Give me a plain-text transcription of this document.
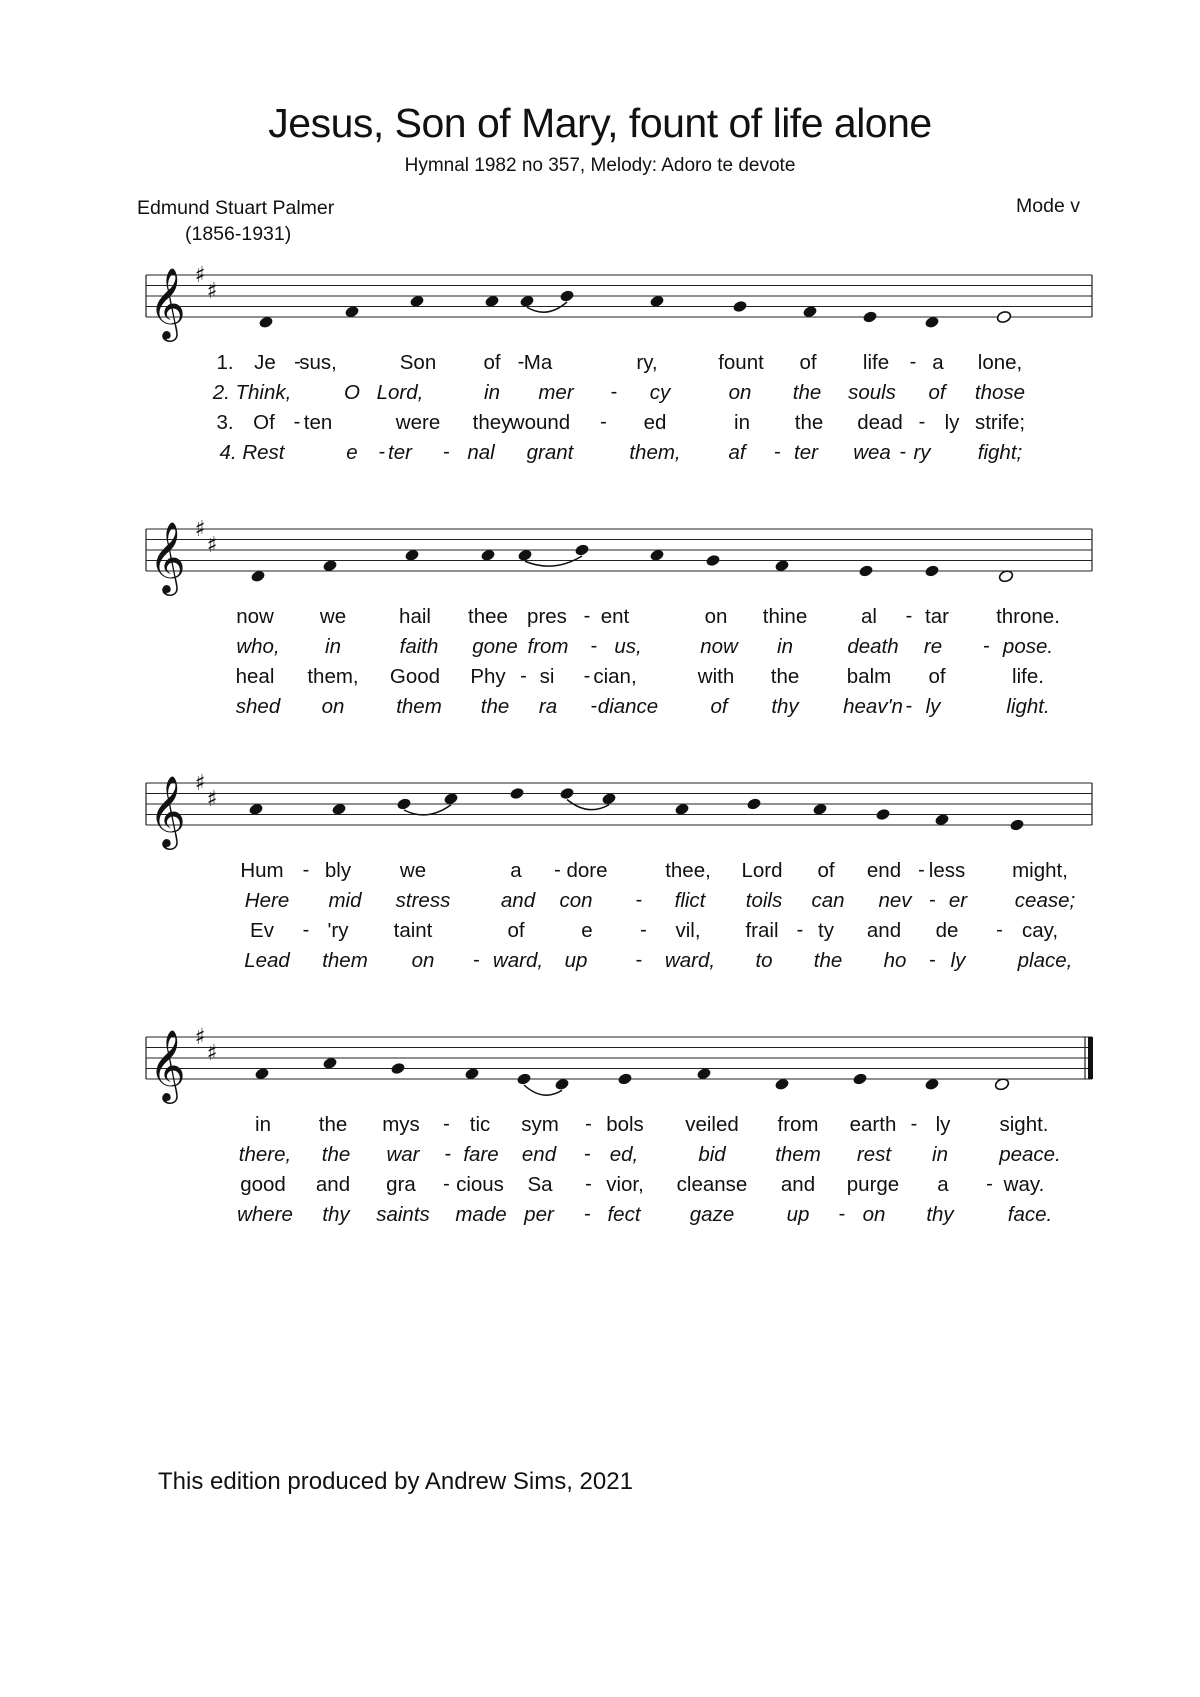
Jesus, Son of Mary, fount of life alone
Hymnal 1982 no 357, Melody: Adoro te devote
Edmund Stuart Palmer
(1856-1931)
Mode v
𝄞 ♯
♯
1. Je sus,	Son of Ma	ry,	fount of life a lone,
-	-	-
2. Think,	O Lord,	in mer	cy	on the souls of those
-
3. Of ten	were they
wound	ed	in the dead ly strife;
-	-	-
4. Rest	e ter	nal grant	them, af ter wea ry fight;
-	-	-	-
𝄞 ♯
♯
now we	hail thee pres ent	on thine	al tar throne.
-	-
who, in	faith gone from us,	now in	death re	pose.
-	-
heal them, Good Phy si cian,	with the balm of	life.
-	-
shed on	them the ra diance	of thy heav'n ly	light.
-	-
𝄞 ♯
♯
Hum bly we	a dore	thee, Lord of end less might,
-	-	-
Here mid stress and con	flict toils can nev er cease;
-	-
Ev	'ry taint	of	e	vil, frail ty and de	cay,
-	-	-	-
Lead them on	ward, up	ward, to the ho ly	place,
-	-	-
𝄞 ♯
♯
in the mys tic sym bols veiled from earth ly sight.
-	-	-
there, the war fare end	ed,	bid them rest in peace.
-	-
good and gra cious Sa	vior, cleanse and purge a	way.
-	-	-
where thy saints made per	fect gaze	up	on thy	face.
-	-
This edition produced by Andrew Sims, 2021
